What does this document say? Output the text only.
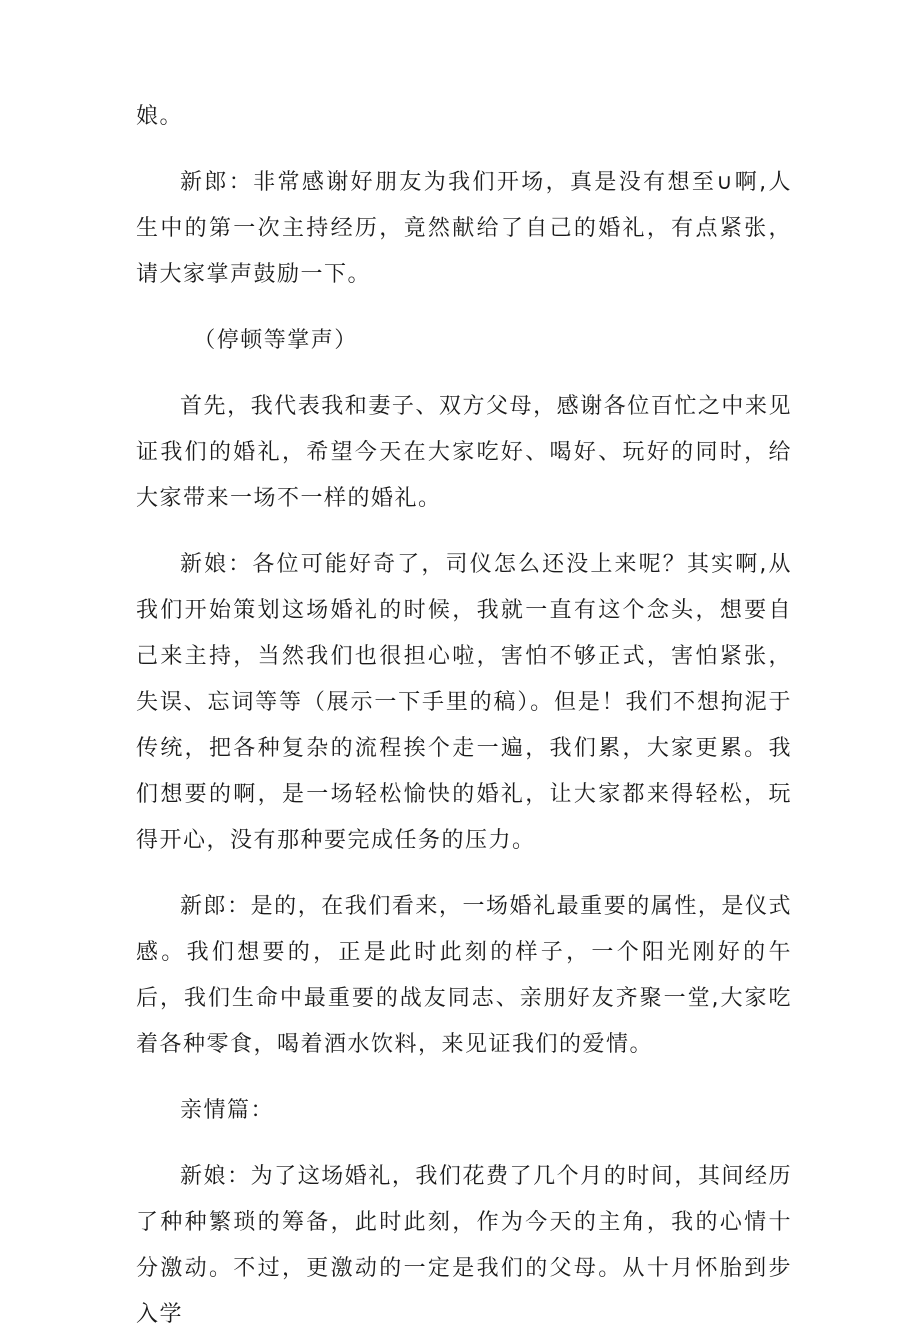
娘。

新郎：非常感谢好朋友为我们开场，真是没有想至∪啊,人生中的第一次主持经历，竟然献给了自己的婚礼，有点紧张，请大家掌声鼓励一下。

（停顿等掌声）

首先，我代表我和妻子、双方父母，感谢各位百忙之中来见证我们的婚礼，希望今天在大家吃好、喝好、玩好的同时，给大家带来一场不一样的婚礼。

新娘：各位可能好奇了，司仪怎么还没上来呢？其实啊,从我们开始策划这场婚礼的时候，我就一直有这个念头，想要自己来主持，当然我们也很担心啦，害怕不够正式，害怕紧张，失误、忘词等等（展示一下手里的稿）。但是！我们不想拘泥于传统，把各种复杂的流程挨个走一遍，我们累，大家更累。我们想要的啊，是一场轻松愉快的婚礼，让大家都来得轻松，玩得开心，没有那种要完成任务的压力。

新郎：是的，在我们看来，一场婚礼最重要的属性，是仪式感。我们想要的，正是此时此刻的样子，一个阳光刚好的午后，我们生命中最重要的战友同志、亲朋好友齐聚一堂,大家吃着各种零食，喝着酒水饮料，来见证我们的爱情。

亲情篇：

新娘：为了这场婚礼，我们花费了几个月的时间，其间经历了种种繁琐的筹备，此时此刻，作为今天的主角，我的心情十分激动。不过，更激动的一定是我们的父母。从十月怀胎到步入学
